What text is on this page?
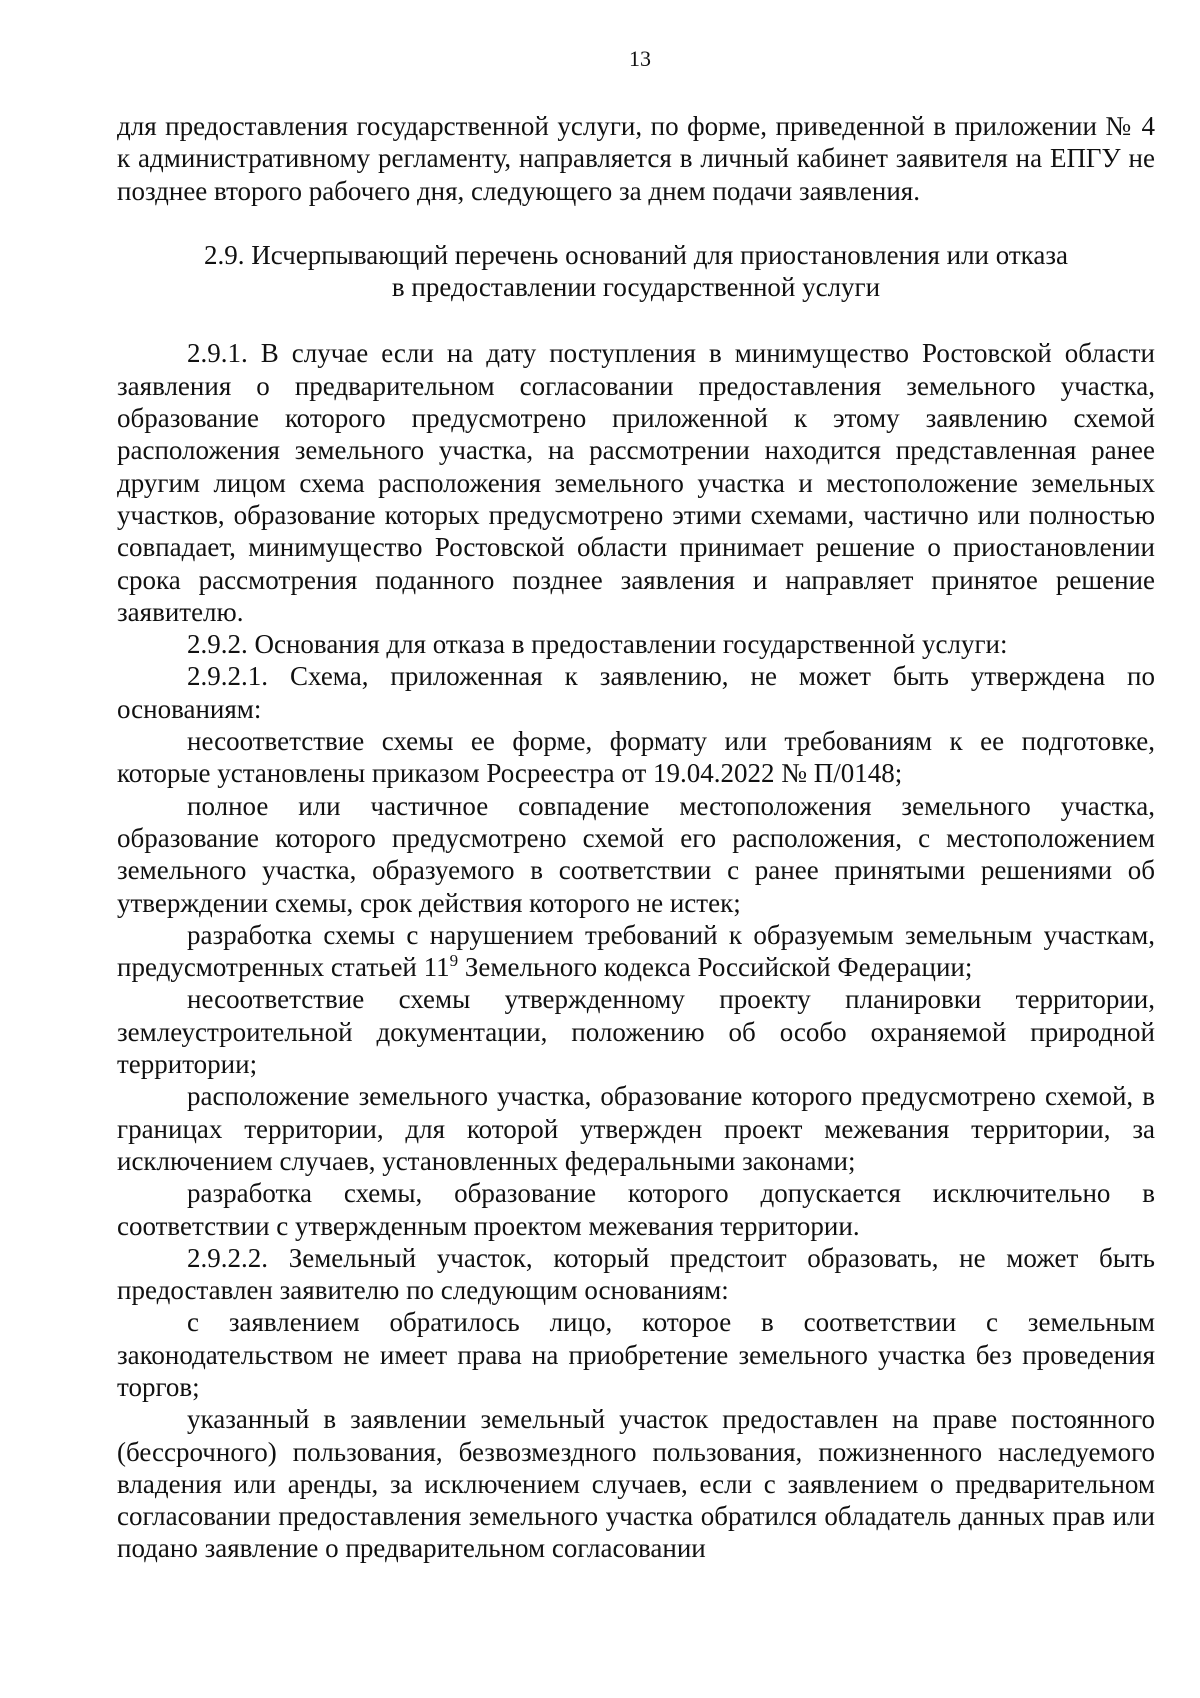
13

для предоставления государственной услуги, по форме, приведенной в приложении № 4 к административному регламенту, направляется в личный кабинет заявителя на ЕПГУ не позднее второго рабочего дня, следующего за днем подачи заявления.

2.9. Исчерпывающий перечень оснований для приостановления или отказа
в предоставлении государственной услуги

2.9.1. В случае если на дату поступления в минимущество Ростовской области заявления о предварительном согласовании предоставления земельного участка, образование которого предусмотрено приложенной к этому заявлению схемой расположения земельного участка, на рассмотрении находится представленная ранее другим лицом схема расположения земельного участка и местоположение земельных участков, образование которых предусмотрено этими схемами, частично или полностью совпадает, минимущество Ростовской области принимает решение о приостановлении срока рассмотрения поданного позднее заявления и направляет принятое решение заявителю.

2.9.2. Основания для отказа в предоставлении государственной услуги:

2.9.2.1. Схема, приложенная к заявлению, не может быть утверждена по основаниям:

несоответствие схемы ее форме, формату или требованиям к ее подготовке, которые установлены приказом Росреестра от 19.04.2022 № П/0148;

полное или частичное совпадение местоположения земельного участка, образование которого предусмотрено схемой его расположения, с местоположением земельного участка, образуемого в соответствии с ранее принятыми решениями об утверждении схемы, срок действия которого не истек;

разработка схемы с нарушением требований к образуемым земельным участкам, предусмотренных статьей $11^9$ Земельного кодекса Российской Федерации;

несоответствие схемы утвержденному проекту планировки территории, землеустроительной документации, положению об особо охраняемой природной территории;

расположение земельного участка, образование которого предусмотрено схемой, в границах территории, для которой утвержден проект межевания территории, за исключением случаев, установленных федеральными законами;

разработка схемы, образование которого допускается исключительно в соответствии с утвержденным проектом межевания территории.

2.9.2.2. Земельный участок, который предстоит образовать, не может быть предоставлен заявителю по следующим основаниям:

с заявлением обратилось лицо, которое в соответствии с земельным законодательством не имеет права на приобретение земельного участка без проведения торгов;

указанный в заявлении земельный участок предоставлен на праве постоянного (бессрочного) пользования, безвозмездного пользования, пожизненного наследуемого владения или аренды, за исключением случаев, если с заявлением о предварительном согласовании предоставления земельного участка обратился обладатель данных прав или подано заявление о предварительном согласовании
